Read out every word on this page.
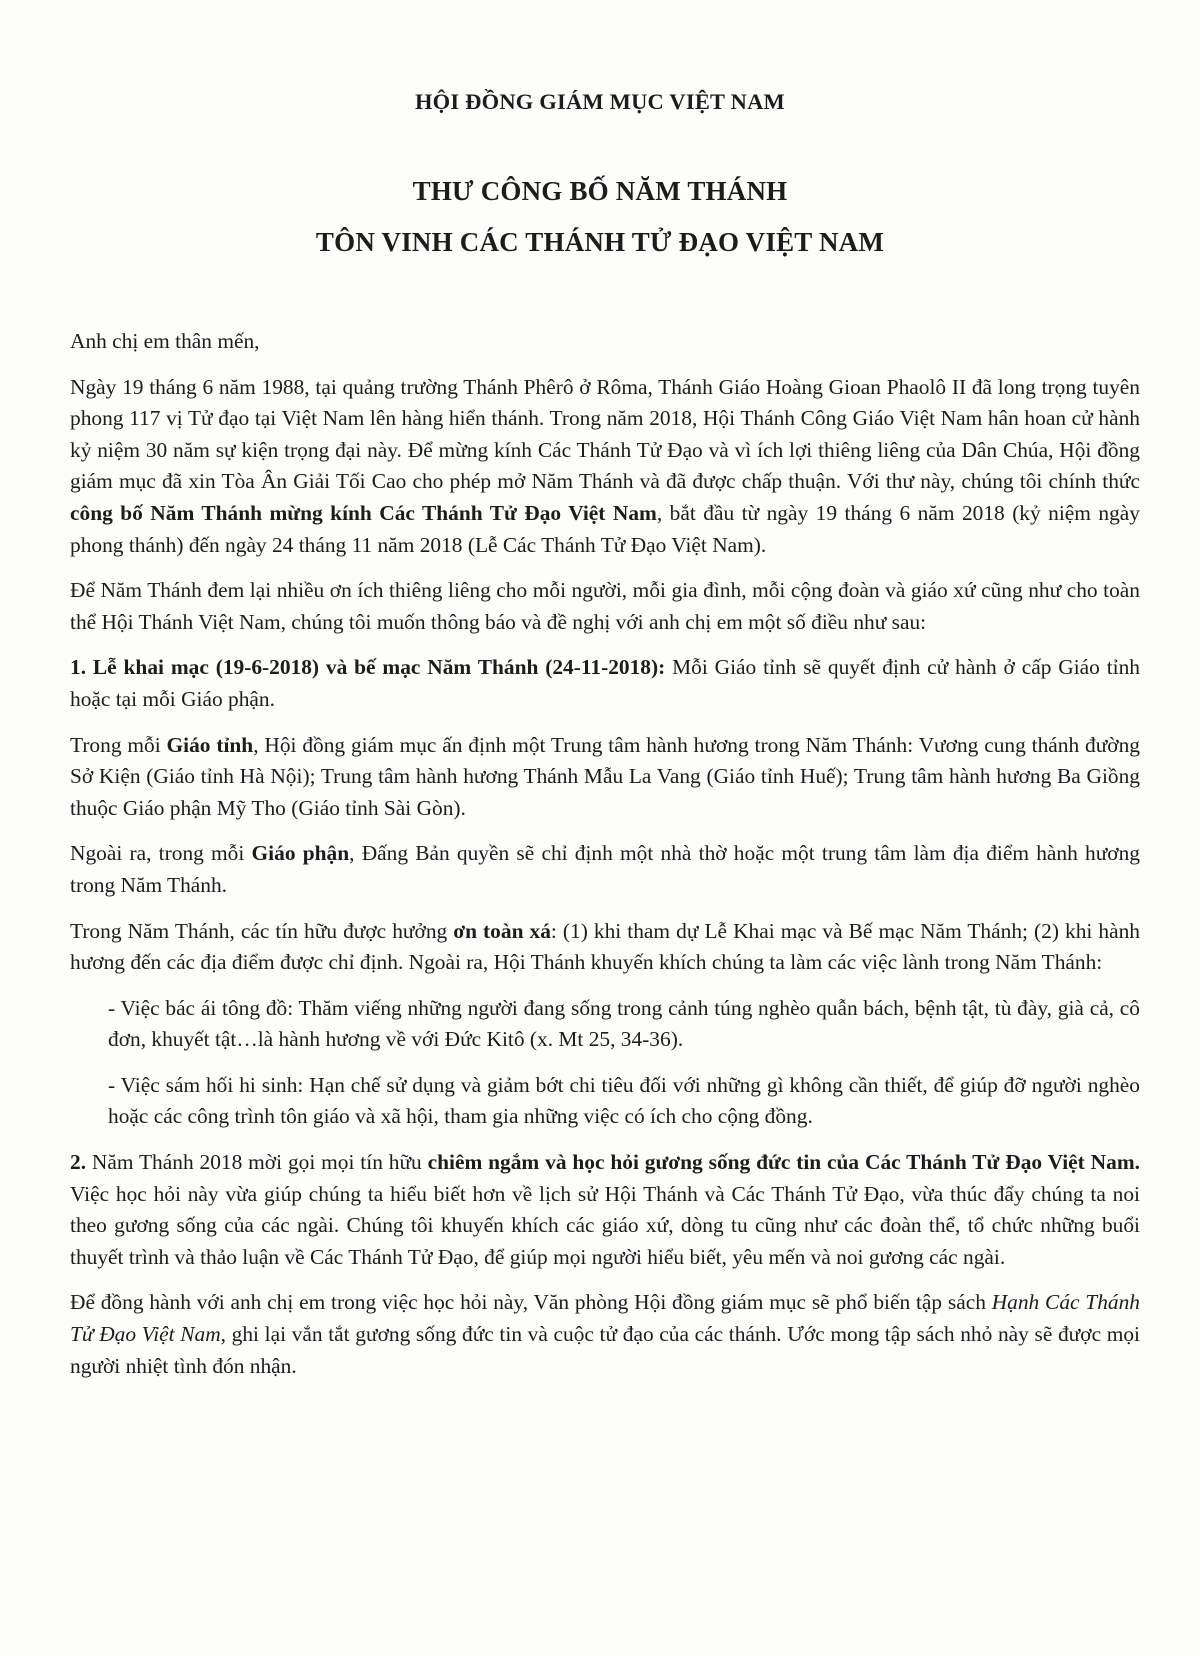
HỘI ĐỒNG GIÁM MỤC VIỆT NAM
THƯ CÔNG BỐ NĂM THÁNH
TÔN VINH CÁC THÁNH TỬ ĐẠO VIỆT NAM

Anh chị em thân mến,

Ngày 19 tháng 6 năm 1988, tại quảng trường Thánh Phêrô ở Rôma, Thánh Giáo Hoàng Gioan Phaolô II đã long trọng tuyên phong 117 vị Tử đạo tại Việt Nam lên hàng hiển thánh. Trong năm 2018, Hội Thánh Công Giáo Việt Nam hân hoan cử hành kỷ niệm 30 năm sự kiện trọng đại này. Để mừng kính Các Thánh Tử Đạo và vì ích lợi thiêng liêng của Dân Chúa, Hội đồng giám mục đã xin Tòa Ân Giải Tối Cao cho phép mở Năm Thánh và đã được chấp thuận. Với thư này, chúng tôi chính thức công bố Năm Thánh mừng kính Các Thánh Tử Đạo Việt Nam, bắt đầu từ ngày 19 tháng 6 năm 2018 (kỷ niệm ngày phong thánh) đến ngày 24 tháng 11 năm 2018 (Lễ Các Thánh Tử Đạo Việt Nam).

Để Năm Thánh đem lại nhiều ơn ích thiêng liêng cho mỗi người, mỗi gia đình, mỗi cộng đoàn và giáo xứ cũng như cho toàn thể Hội Thánh Việt Nam, chúng tôi muốn thông báo và đề nghị với anh chị em một số điều như sau:

1. Lễ khai mạc (19-6-2018) và bế mạc Năm Thánh (24-11-2018): Mỗi Giáo tỉnh sẽ quyết định cử hành ở cấp Giáo tỉnh hoặc tại mỗi Giáo phận.

Trong mỗi Giáo tỉnh, Hội đồng giám mục ấn định một Trung tâm hành hương trong Năm Thánh: Vương cung thánh đường Sở Kiện (Giáo tỉnh Hà Nội); Trung tâm hành hương Thánh Mẫu La Vang (Giáo tỉnh Huế); Trung tâm hành hương Ba Giồng thuộc Giáo phận Mỹ Tho (Giáo tỉnh Sài Gòn).

Ngoài ra, trong mỗi Giáo phận, Đấng Bản quyền sẽ chỉ định một nhà thờ hoặc một trung tâm làm địa điểm hành hương trong Năm Thánh.

Trong Năm Thánh, các tín hữu được hưởng ơn toàn xá: (1) khi tham dự Lễ Khai mạc và Bế mạc Năm Thánh; (2) khi hành hương đến các địa điểm được chỉ định. Ngoài ra, Hội Thánh khuyến khích chúng ta làm các việc lành trong Năm Thánh:

- Việc bác ái tông đồ: Thăm viếng những người đang sống trong cảnh túng nghèo quẫn bách, bệnh tật, tù đày, già cả, cô đơn, khuyết tật…là hành hương về với Đức Kitô (x. Mt 25, 34-36).

- Việc sám hối hi sinh: Hạn chế sử dụng và giảm bớt chi tiêu đối với những gì không cần thiết, để giúp đỡ người nghèo hoặc các công trình tôn giáo và xã hội, tham gia những việc có ích cho cộng đồng.

2. Năm Thánh 2018 mời gọi mọi tín hữu chiêm ngắm và học hỏi gương sống đức tin của Các Thánh Tử Đạo Việt Nam. Việc học hỏi này vừa giúp chúng ta hiểu biết hơn về lịch sử Hội Thánh và Các Thánh Tử Đạo, vừa thúc đẩy chúng ta noi theo gương sống của các ngài. Chúng tôi khuyến khích các giáo xứ, dòng tu cũng như các đoàn thể, tổ chức những buổi thuyết trình và thảo luận về Các Thánh Tử Đạo, để giúp mọi người hiểu biết, yêu mến và noi gương các ngài.

Để đồng hành với anh chị em trong việc học hỏi này, Văn phòng Hội đồng giám mục sẽ phổ biến tập sách Hạnh Các Thánh Tử Đạo Việt Nam, ghi lại vắn tắt gương sống đức tin và cuộc tử đạo của các thánh. Ước mong tập sách nhỏ này sẽ được mọi người nhiệt tình đón nhận.
